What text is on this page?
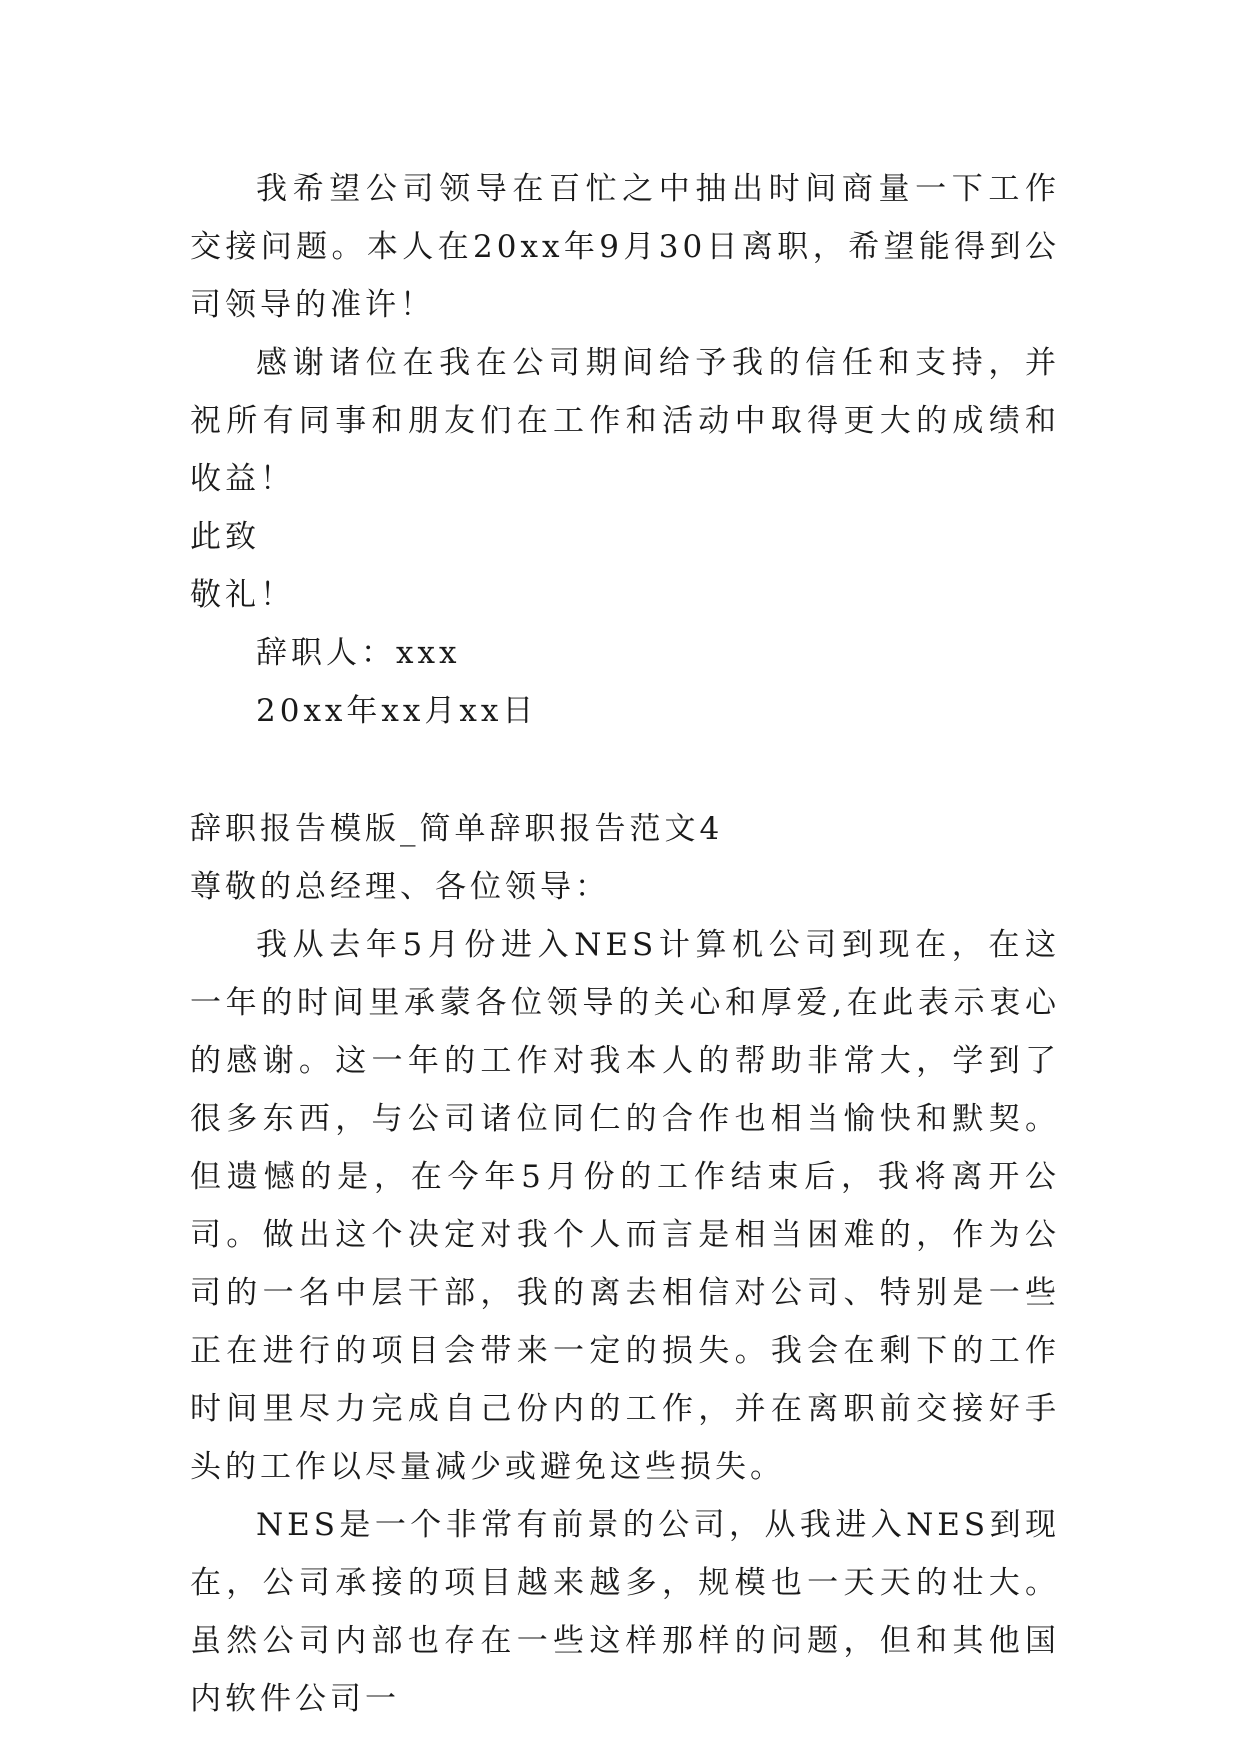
我希望公司领导在百忙之中抽出时间商量一下工作交接问题。本人在20xx年9月30日离职，希望能得到公司领导的准许！

感谢诸位在我在公司期间给予我的信任和支持，并祝所有同事和朋友们在工作和活动中取得更大的成绩和收益！

此致

敬礼！

辞职人：xxx

20xx年xx月xx日

辞职报告模版_简单辞职报告范文4

尊敬的总经理、各位领导：

我从去年5月份进入NES计算机公司到现在，在这一年的时间里承蒙各位领导的关心和厚爱,在此表示衷心的感谢。这一年的工作对我本人的帮助非常大，学到了很多东西，与公司诸位同仁的合作也相当愉快和默契。但遗憾的是，在今年5月份的工作结束后，我将离开公司。做出这个决定对我个人而言是相当困难的，作为公司的一名中层干部，我的离去相信对公司、特别是一些正在进行的项目会带来一定的损失。我会在剩下的工作时间里尽力完成自己份内的工作，并在离职前交接好手头的工作以尽量减少或避免这些损失。

NES是一个非常有前景的公司，从我进入NES到现在，公司承接的项目越来越多，规模也一天天的壮大。虽然公司内部也存在一些这样那样的问题，但和其他国内软件公司一
